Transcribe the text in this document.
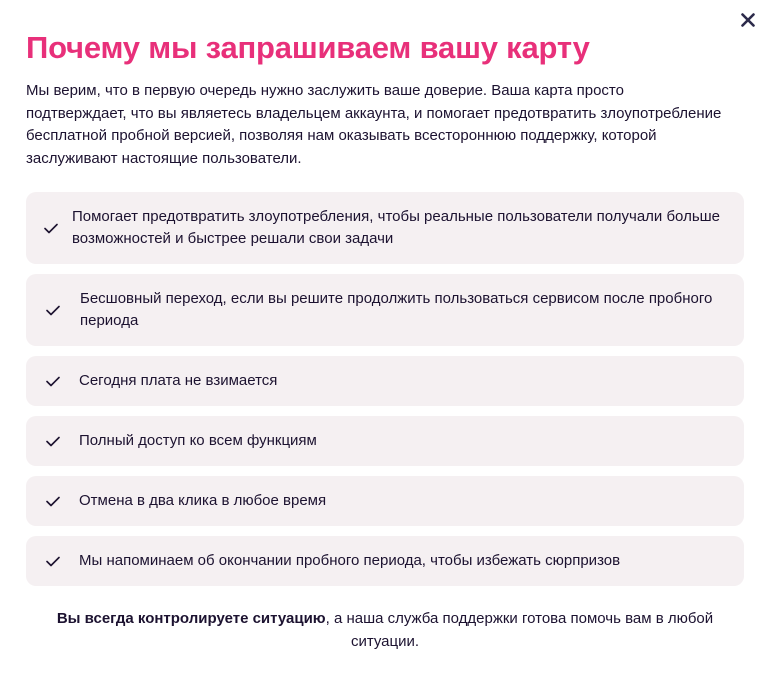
Почему мы запрашиваем вашу карту

Мы верим, что в первую очередь нужно заслужить ваше доверие. Ваша карта просто подтверждает, что вы являетесь владельцем аккаунта, и помогает предотвратить злоупотребление бесплатной пробной версией, позволяя нам оказывать всестороннюю поддержку, которой заслуживают настоящие пользователи.

Помогает предотвратить злоупотребления, чтобы реальные пользователи получали больше возможностей и быстрее решали свои задачи
Бесшовный переход, если вы решите продолжить пользоваться сервисом после пробного периода
Сегодня плата не взимается
Полный доступ ко всем функциям
Отмена в два клика в любое время
Мы напоминаем об окончании пробного периода, чтобы избежать сюрпризов

Вы всегда контролируете ситуацию, а наша служба поддержки готова помочь вам в любой ситуации.
